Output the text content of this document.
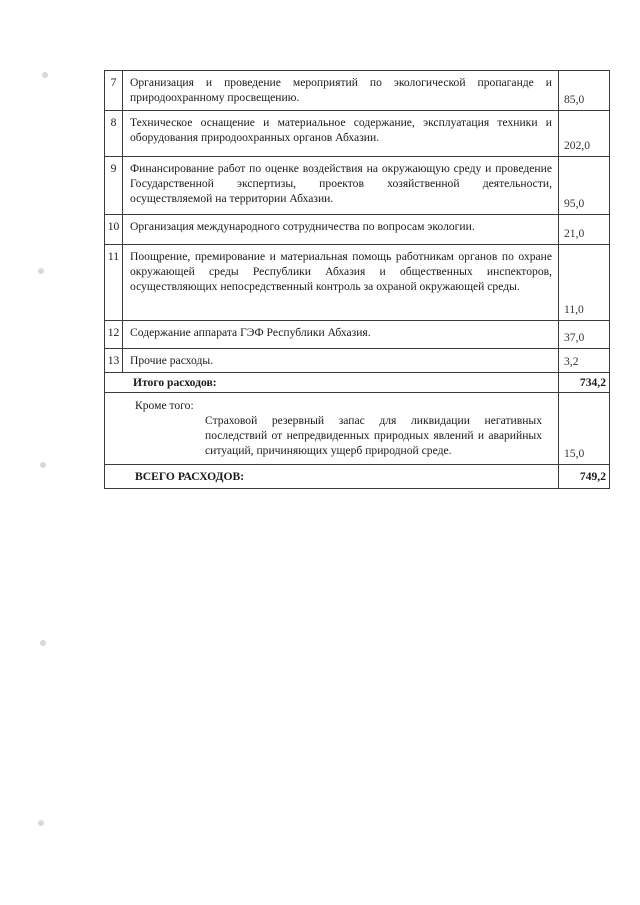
7	Организация и проведение мероприятий по экологической пропаганде и природоохранному просвещению.	85,0
8	Техническое оснащение и материальное содержание, эксплуатация техники и оборудования природоохранных органов Абхазии.	202,0
9	Финансирование работ по оценке воздействия на окружающую среду и проведение Государственной экспертизы, проектов хозяйственной деятельности, осуществляемой на территории Абхазии.	95,0
10	Организация международного сотрудничества по вопросам экологии.	21,0
11	Поощрение, премирование и материальная помощь работникам органов по охране окружающей среды Республики Абхазия и общественных инспекторов, осуществляющих непосредственный контроль за охраной окружающей среды.	11,0
12	Содержание аппарата ГЭФ Республики Абхазия.	37,0
13	Прочие расходы.	3,2
Итого расходов:		734,2

Кроме того:
Страховой резервный запас для ликвидации негативных последствий от непредвиденных природных явлений и аварийных ситуаций, причиняющих ущерб природной среде.		15,0
ВСЕГО РАСХОДОВ:		749,2
